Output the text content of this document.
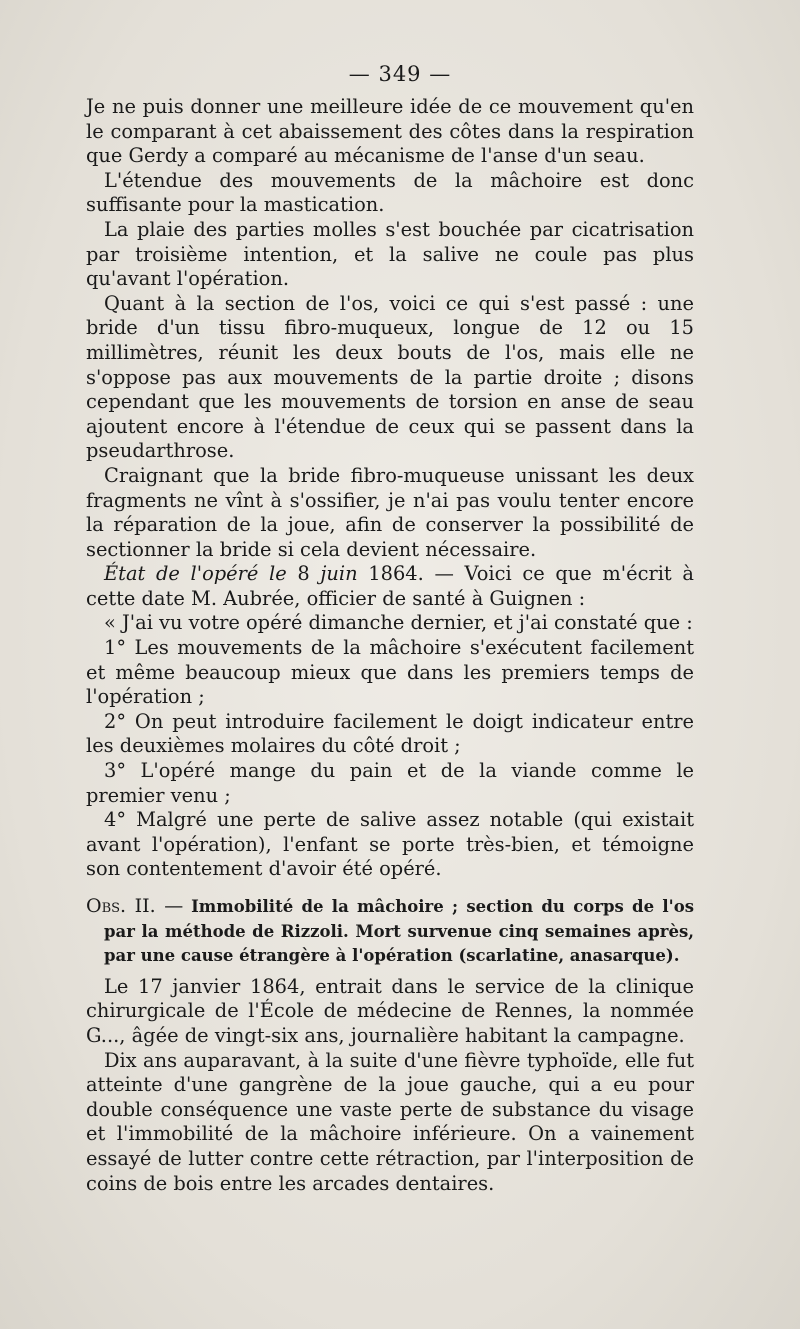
— 349 —

Je ne puis donner une meilleure idée de ce mouvement qu'en le comparant à cet abaissement des côtes dans la respiration que Gerdy a comparé au mécanisme de l'anse d'un seau.

L'étendue des mouvements de la mâchoire est donc suffisante pour la mastication.

La plaie des parties molles s'est bouchée par cicatrisation par troisième intention, et la salive ne coule pas plus qu'avant l'opération.

Quant à la section de l'os, voici ce qui s'est passé : une bride d'un tissu fibro-muqueux, longue de 12 ou 15 millimètres, réunit les deux bouts de l'os, mais elle ne s'oppose pas aux mouvements de la partie droite ; disons cependant que les mouvements de torsion en anse de seau ajoutent encore à l'étendue de ceux qui se passent dans la pseudarthrose.

Craignant que la bride fibro-muqueuse unissant les deux fragments ne vînt à s'ossifier, je n'ai pas voulu tenter encore la réparation de la joue, afin de conserver la possibilité de sectionner la bride si cela devient nécessaire.

État de l'opéré le 8 juin 1864. — Voici ce que m'écrit à cette date M. Aubrée, officier de santé à Guignen :

« J'ai vu votre opéré dimanche dernier, et j'ai constaté que :

1° Les mouvements de la mâchoire s'exécutent facilement et même beaucoup mieux que dans les premiers temps de l'opération ;

2° On peut introduire facilement le doigt indicateur entre les deuxièmes molaires du côté droit ;

3° L'opéré mange du pain et de la viande comme le premier venu ;

4° Malgré une perte de salive assez notable (qui existait avant l'opération), l'enfant se porte très-bien, et témoigne son contentement d'avoir été opéré.

Obs. II. — Immobilité de la mâchoire ; section du corps de l'os par la méthode de Rizzoli. Mort survenue cinq semaines après, par une cause étrangère à l'opération (scarlatine, anasarque).

Le 17 janvier 1864, entrait dans le service de la clinique chirurgicale de l'École de médecine de Rennes, la nommée G..., âgée de vingt-six ans, journalière habitant la campagne.

Dix ans auparavant, à la suite d'une fièvre typhoïde, elle fut atteinte d'une gangrène de la joue gauche, qui a eu pour double conséquence une vaste perte de substance du visage et l'immobilité de la mâchoire inférieure. On a vainement essayé de lutter contre cette rétraction, par l'interposition de coins de bois entre les arcades dentaires.
